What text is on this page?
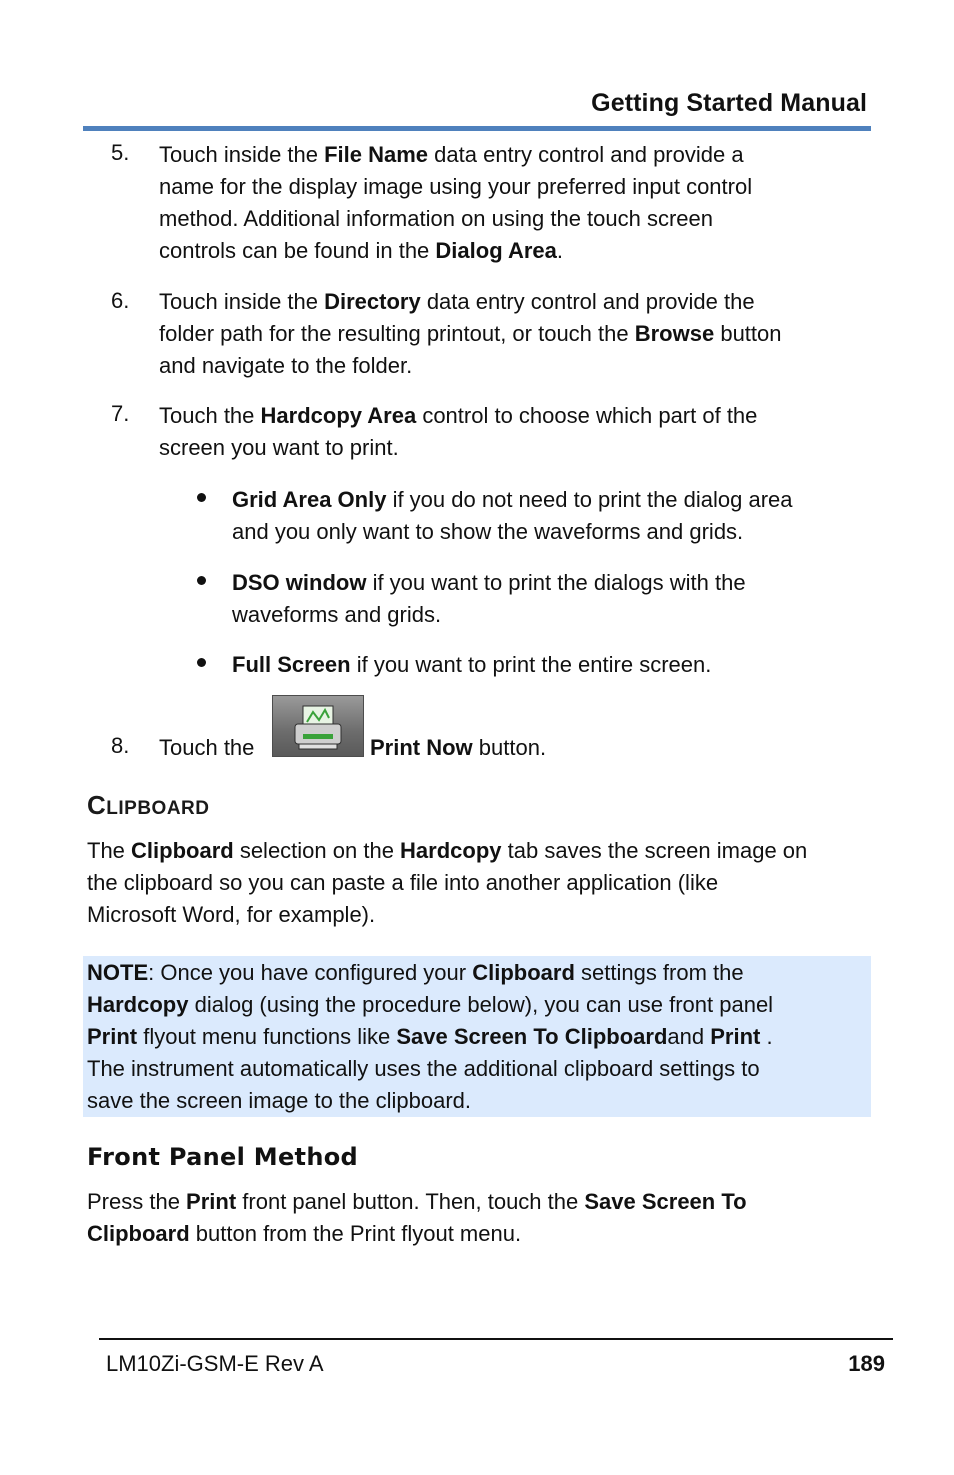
Getting Started Manual
5.	Touch inside the File Name data entry control and provide a
name for the display image using your preferred input control
method. Additional information on using the touch screen
controls can be found in the Dialog Area.
6.	Touch inside the Directory data entry control and provide the
folder path for the resulting printout, or touch the Browse button
and navigate to the folder.
7.	Touch the Hardcopy Area control to choose which part of the
screen you want to print.
Grid Area Only if you do not need to print the dialog area
and you only want to show the waveforms and grids.
DSO window if you want to print the dialogs with the
waveforms and grids.
Full Screen if you want to print the entire screen.
8.	Touch the	Print Now button.
CLIPBOARD
The Clipboard selection on the Hardcopy tab saves the screen image on
the clipboard so you can paste a file into another application (like
Microsoft Word, for example).
NOTE: Once you have configured your Clipboard settings from the
Hardcopy dialog (using the procedure below), you can use front panel
Print flyout menu functions like Save Screen To Clipboardand Print .
The instrument automatically uses the additional clipboard settings to
save the screen image to the clipboard.
Front Panel Method
Press the Print front panel button. Then, touch the Save Screen To
Clipboard button from the Print flyout menu.
LM10Zi-GSM-E Rev A	189
